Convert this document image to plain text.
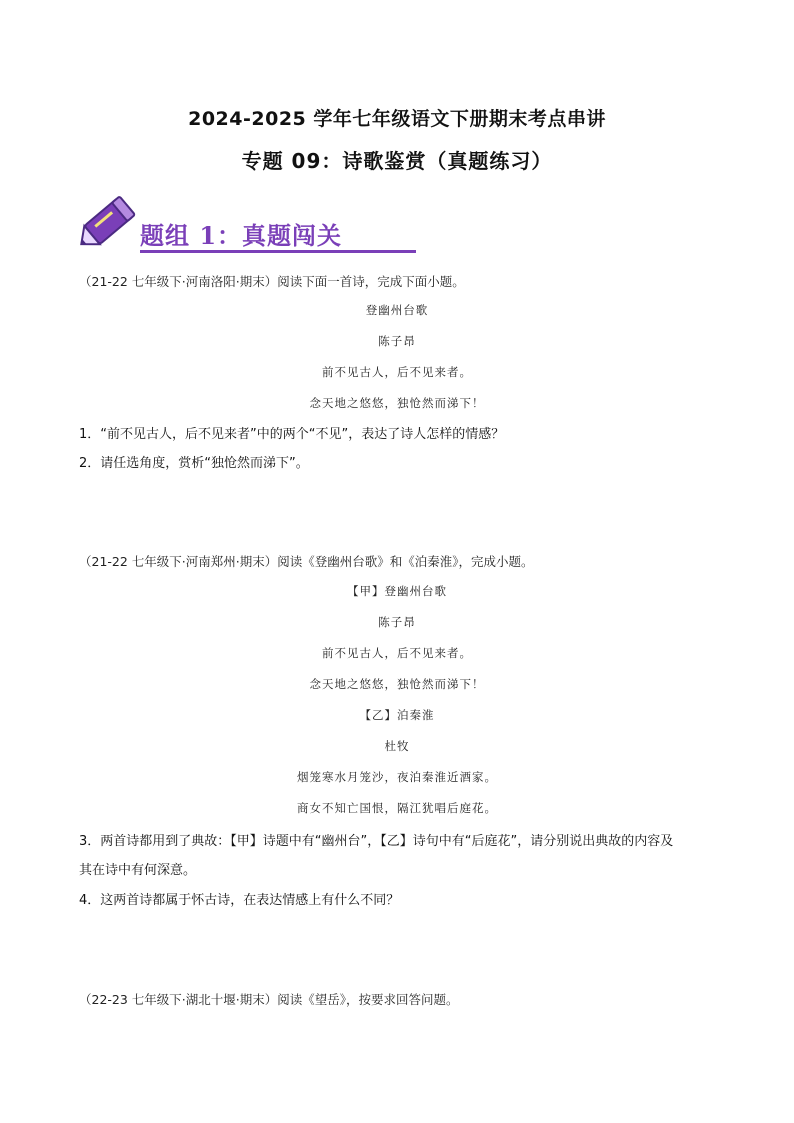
2024-2025 学年七年级语文下册期末考点串讲
专题 09：诗歌鉴赏（真题练习）
题组 1：真题闯关
（21-22 七年级下·河南洛阳·期末）阅读下面一首诗，完成下面小题。
登幽州台歌
陈子昂
前不见古人，后不见来者。
念天地之悠悠，独怆然而涕下！
1．“前不见古人，后不见来者”中的两个“不见”，表达了诗人怎样的情感？
2．请任选角度，赏析“独怆然而涕下”。
（21-22 七年级下·河南郑州·期末）阅读《登幽州台歌》和《泊秦淮》，完成小题。
【甲】登幽州台歌
陈子昂
前不见古人，后不见来者。
念天地之悠悠，独怆然而涕下！
【乙】泊秦淮
杜牧
烟笼寒水月笼沙，夜泊秦淮近酒家。
商女不知亡国恨，隔江犹唱后庭花。
3．两首诗都用到了典故：【甲】诗题中有“幽州台”，【乙】诗句中有“后庭花”，请分别说出典故的内容及
其在诗中有何深意。
4．这两首诗都属于怀古诗，在表达情感上有什么不同？
（22-23 七年级下·湖北十堰·期末）阅读《望岳》，按要求回答问题。
